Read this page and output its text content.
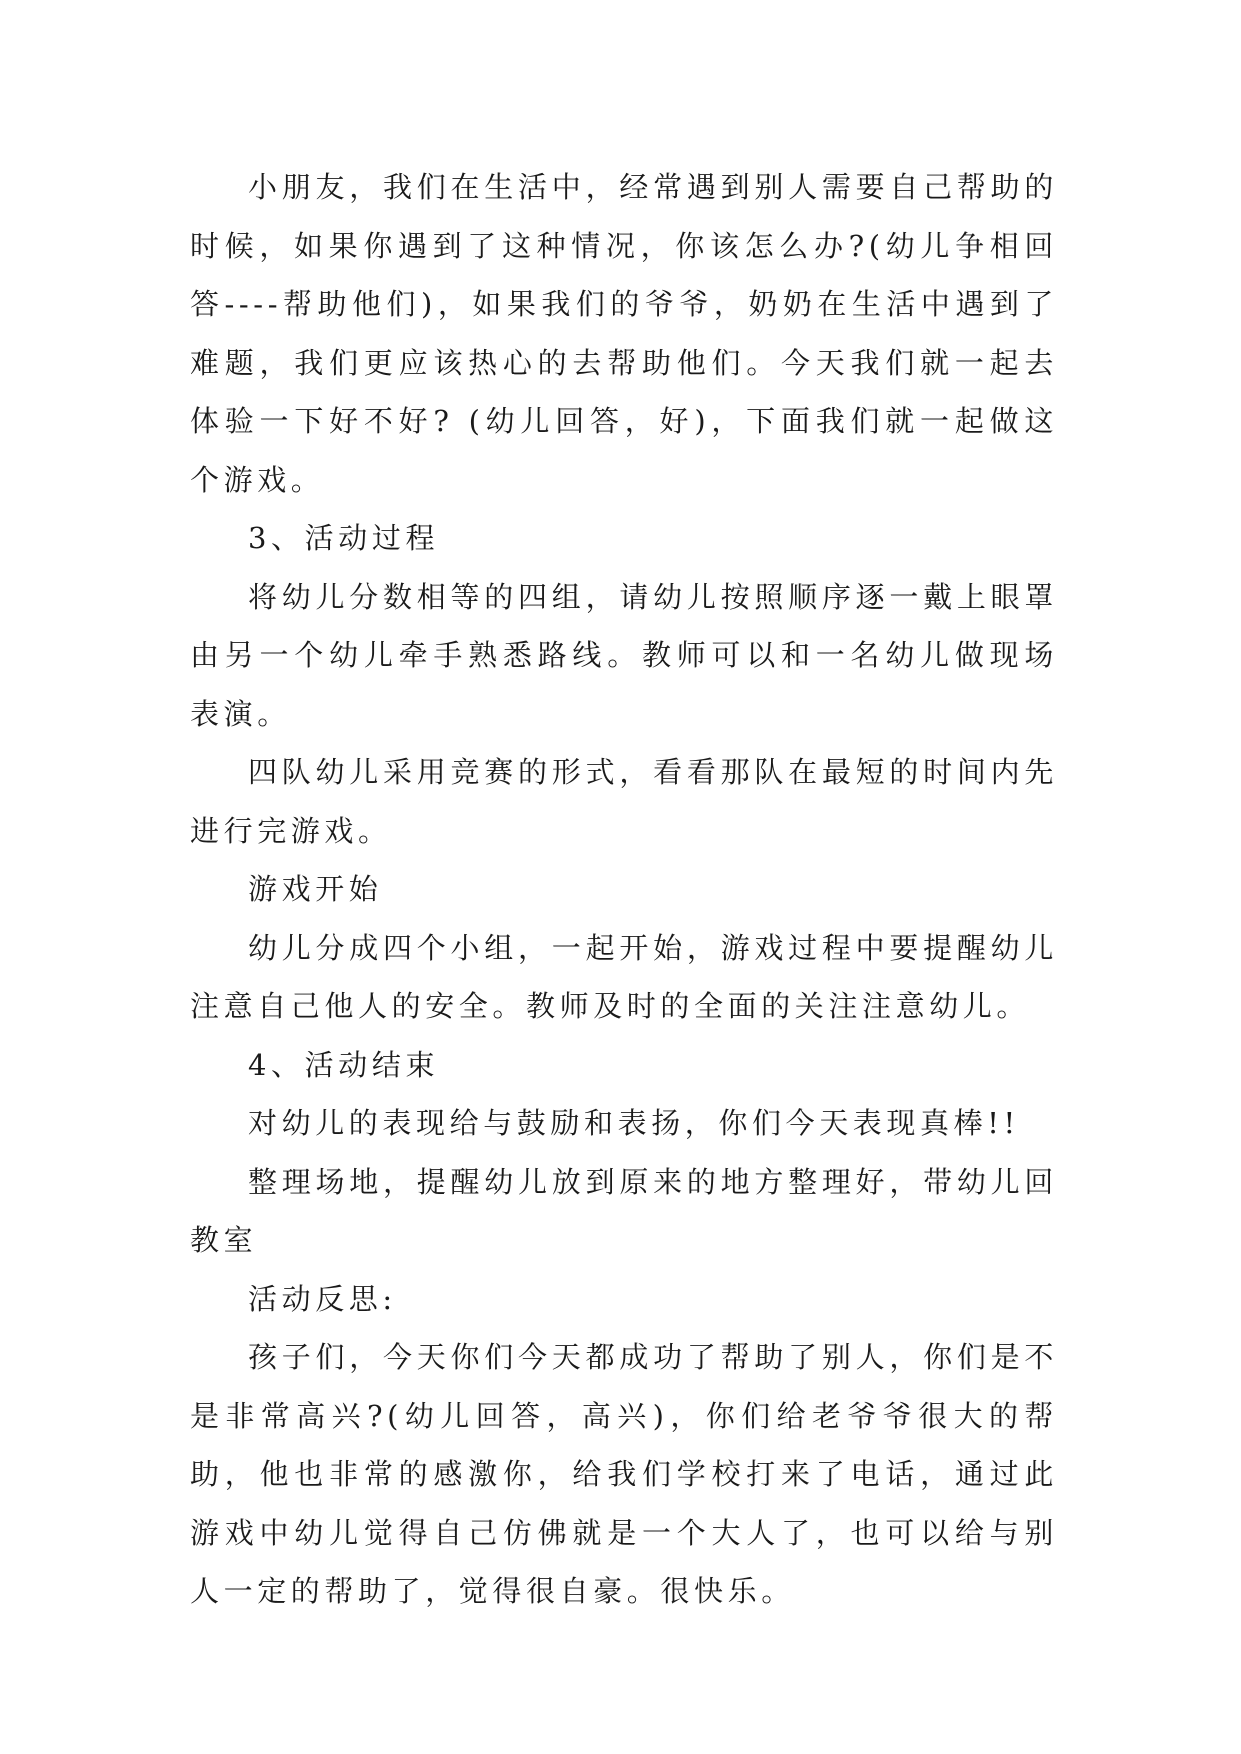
小朋友，我们在生活中，经常遇到别人需要自己帮助的时候，如果你遇到了这种情况，你该怎么办?(幼儿争相回答----帮助他们)，如果我们的爷爷，奶奶在生活中遇到了难题，我们更应该热心的去帮助他们。今天我们就一起去体验一下好不好? (幼儿回答，好)，下面我们就一起做这个游戏。

3、活动过程

将幼儿分数相等的四组，请幼儿按照顺序逐一戴上眼罩由另一个幼儿牵手熟悉路线。教师可以和一名幼儿做现场表演。

四队幼儿采用竞赛的形式，看看那队在最短的时间内先进行完游戏。

游戏开始

幼儿分成四个小组，一起开始，游戏过程中要提醒幼儿注意自己他人的安全。教师及时的全面的关注注意幼儿。

4、活动结束

对幼儿的表现给与鼓励和表扬，你们今天表现真棒!!

整理场地，提醒幼儿放到原来的地方整理好，带幼儿回教室

活动反思:

孩子们，今天你们今天都成功了帮助了别人，你们是不是非常高兴?(幼儿回答，高兴)，你们给老爷爷很大的帮助，他也非常的感激你，给我们学校打来了电话，通过此游戏中幼儿觉得自己仿佛就是一个大人了，也可以给与别人一定的帮助了，觉得很自豪。很快乐。
